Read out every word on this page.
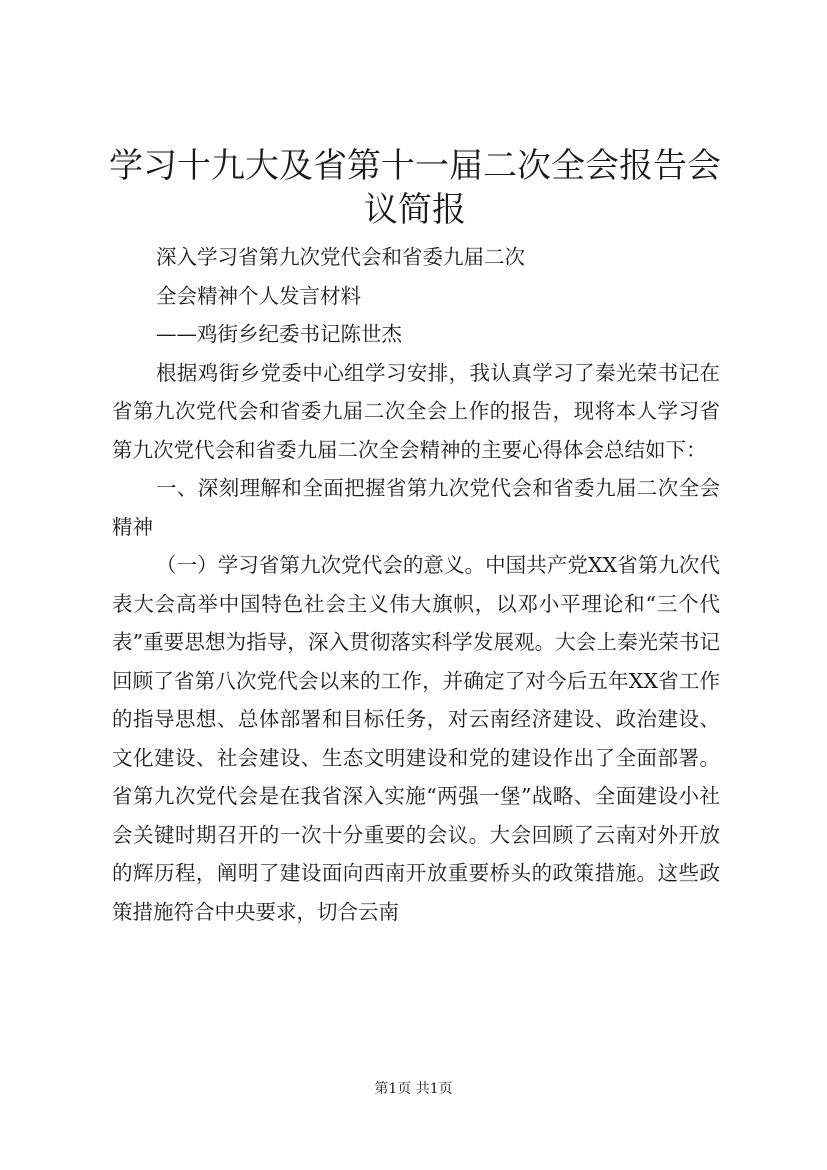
学习十九大及省第十一届二次全会报告会议简报

深入学习省第九次党代会和省委九届二次

全会精神个人发言材料

——鸡街乡纪委书记陈世杰

根据鸡街乡党委中心组学习安排，我认真学习了秦光荣书记在省第九次党代会和省委九届二次全会上作的报告，现将本人学习省第九次党代会和省委九届二次全会精神的主要心得体会总结如下：

一、深刻理解和全面把握省第九次党代会和省委九届二次全会精神

（一）学习省第九次党代会的意义。中国共产党XX省第九次代表大会高举中国特色社会主义伟大旗帜，以邓小平理论和“三个代表”重要思想为指导，深入贯彻落实科学发展观。大会上秦光荣书记回顾了省第八次党代会以来的工作，并确定了对今后五年XX省工作的指导思想、总体部署和目标任务，对云南经济建设、政治建设、文化建设、社会建设、生态文明建设和党的建设作出了全面部署。省第九次党代会是在我省深入实施“两强一堡”战略、全面建设小社会关键时期召开的一次十分重要的会议。大会回顾了云南对外开放的辉历程，阐明了建设面向西南开放重要桥头的政策措施。这些政策措施符合中央要求，切合云南

第1页 共1页
